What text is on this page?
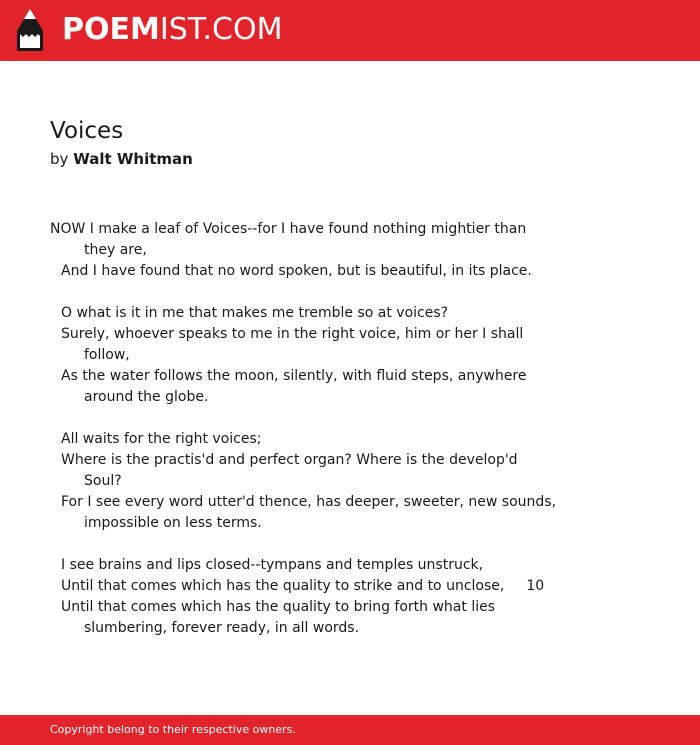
POEMIST.COM
Voices
by Walt Whitman
NOW I make a leaf of Voices--for I have found nothing mightier than
they are,
And I have found that no word spoken, but is beautiful, in its place.
O what is it in me that makes me tremble so at voices?
Surely, whoever speaks to me in the right voice, him or her I shall
follow,
As the water follows the moon, silently, with fluid steps, anywhere
around the globe.
All waits for the right voices;
Where is the practis'd and perfect organ? Where is the develop'd
Soul?
For I see every word utter'd thence, has deeper, sweeter, new sounds,
impossible on less terms.
I see brains and lips closed--tympans and temples unstruck,
Until that comes which has the quality to strike and to unclose, 10
Until that comes which has the quality to bring forth what lies
slumbering, forever ready, in all words.
Copyright belong to their respective owners.
